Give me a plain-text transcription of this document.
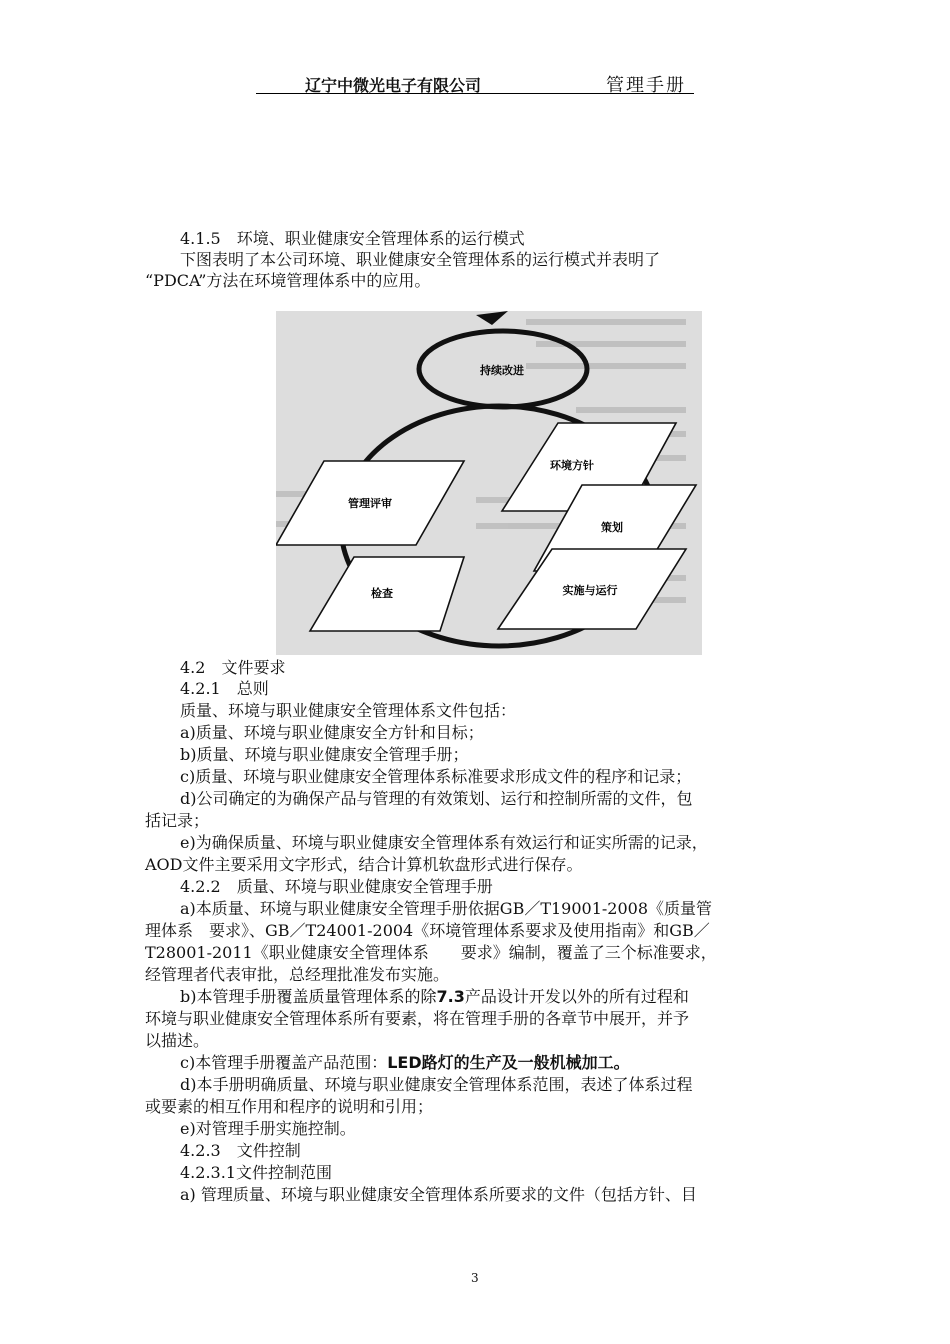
辽宁中微光电子有限公司	管理手册
4.1.5　环境、职业健康安全管理体系的运行模式
下图表明了本公司环境、职业健康安全管理体系的运行模式并表明了
“PDCA”方法在环境管理体系中的应用。
持续改进
管理评审
检查
环境方针
策划
实施与运行
4.2　文件要求
4.2.1　总则
质量、环境与职业健康安全管理体系文件包括：
a)质量、环境与职业健康安全方针和目标；
b)质量、环境与职业健康安全管理手册；
c)质量、环境与职业健康安全管理体系标准要求形成文件的程序和记录；
d)公司确定的为确保产品与管理的有效策划、运行和控制所需的文件，包
括记录；
e)为确保质量、环境与职业健康安全管理体系有效运行和证实所需的记录，
AOD文件主要采用文字形式，结合计算机软盘形式进行保存。
4.2.2　质量、环境与职业健康安全管理手册
a)本质量、环境与职业健康安全管理手册依据GB／T19001-2008《质量管
理体系　要求》、GB／T24001-2004《环境管理体系要求及使用指南》和GB／
T28001-2011《职业健康安全管理体系　　要求》编制，覆盖了三个标准要求，
经管理者代表审批，总经理批准发布实施。
b)本管理手册覆盖质量管理体系的除7.3产品设计开发以外的所有过程和
环境与职业健康安全管理体系所有要素，将在管理手册的各章节中展开，并予
以描述。
c)本管理手册覆盖产品范围：LED路灯的生产及一般机械加工。
d)本手册明确质量、环境与职业健康安全管理体系范围，表述了体系过程
或要素的相互作用和程序的说明和引用；
e)对管理手册实施控制。
4.2.3　文件控制
4.2.3.1文件控制范围
a) 管理质量、环境与职业健康安全管理体系所要求的文件（包括方针、目
3
